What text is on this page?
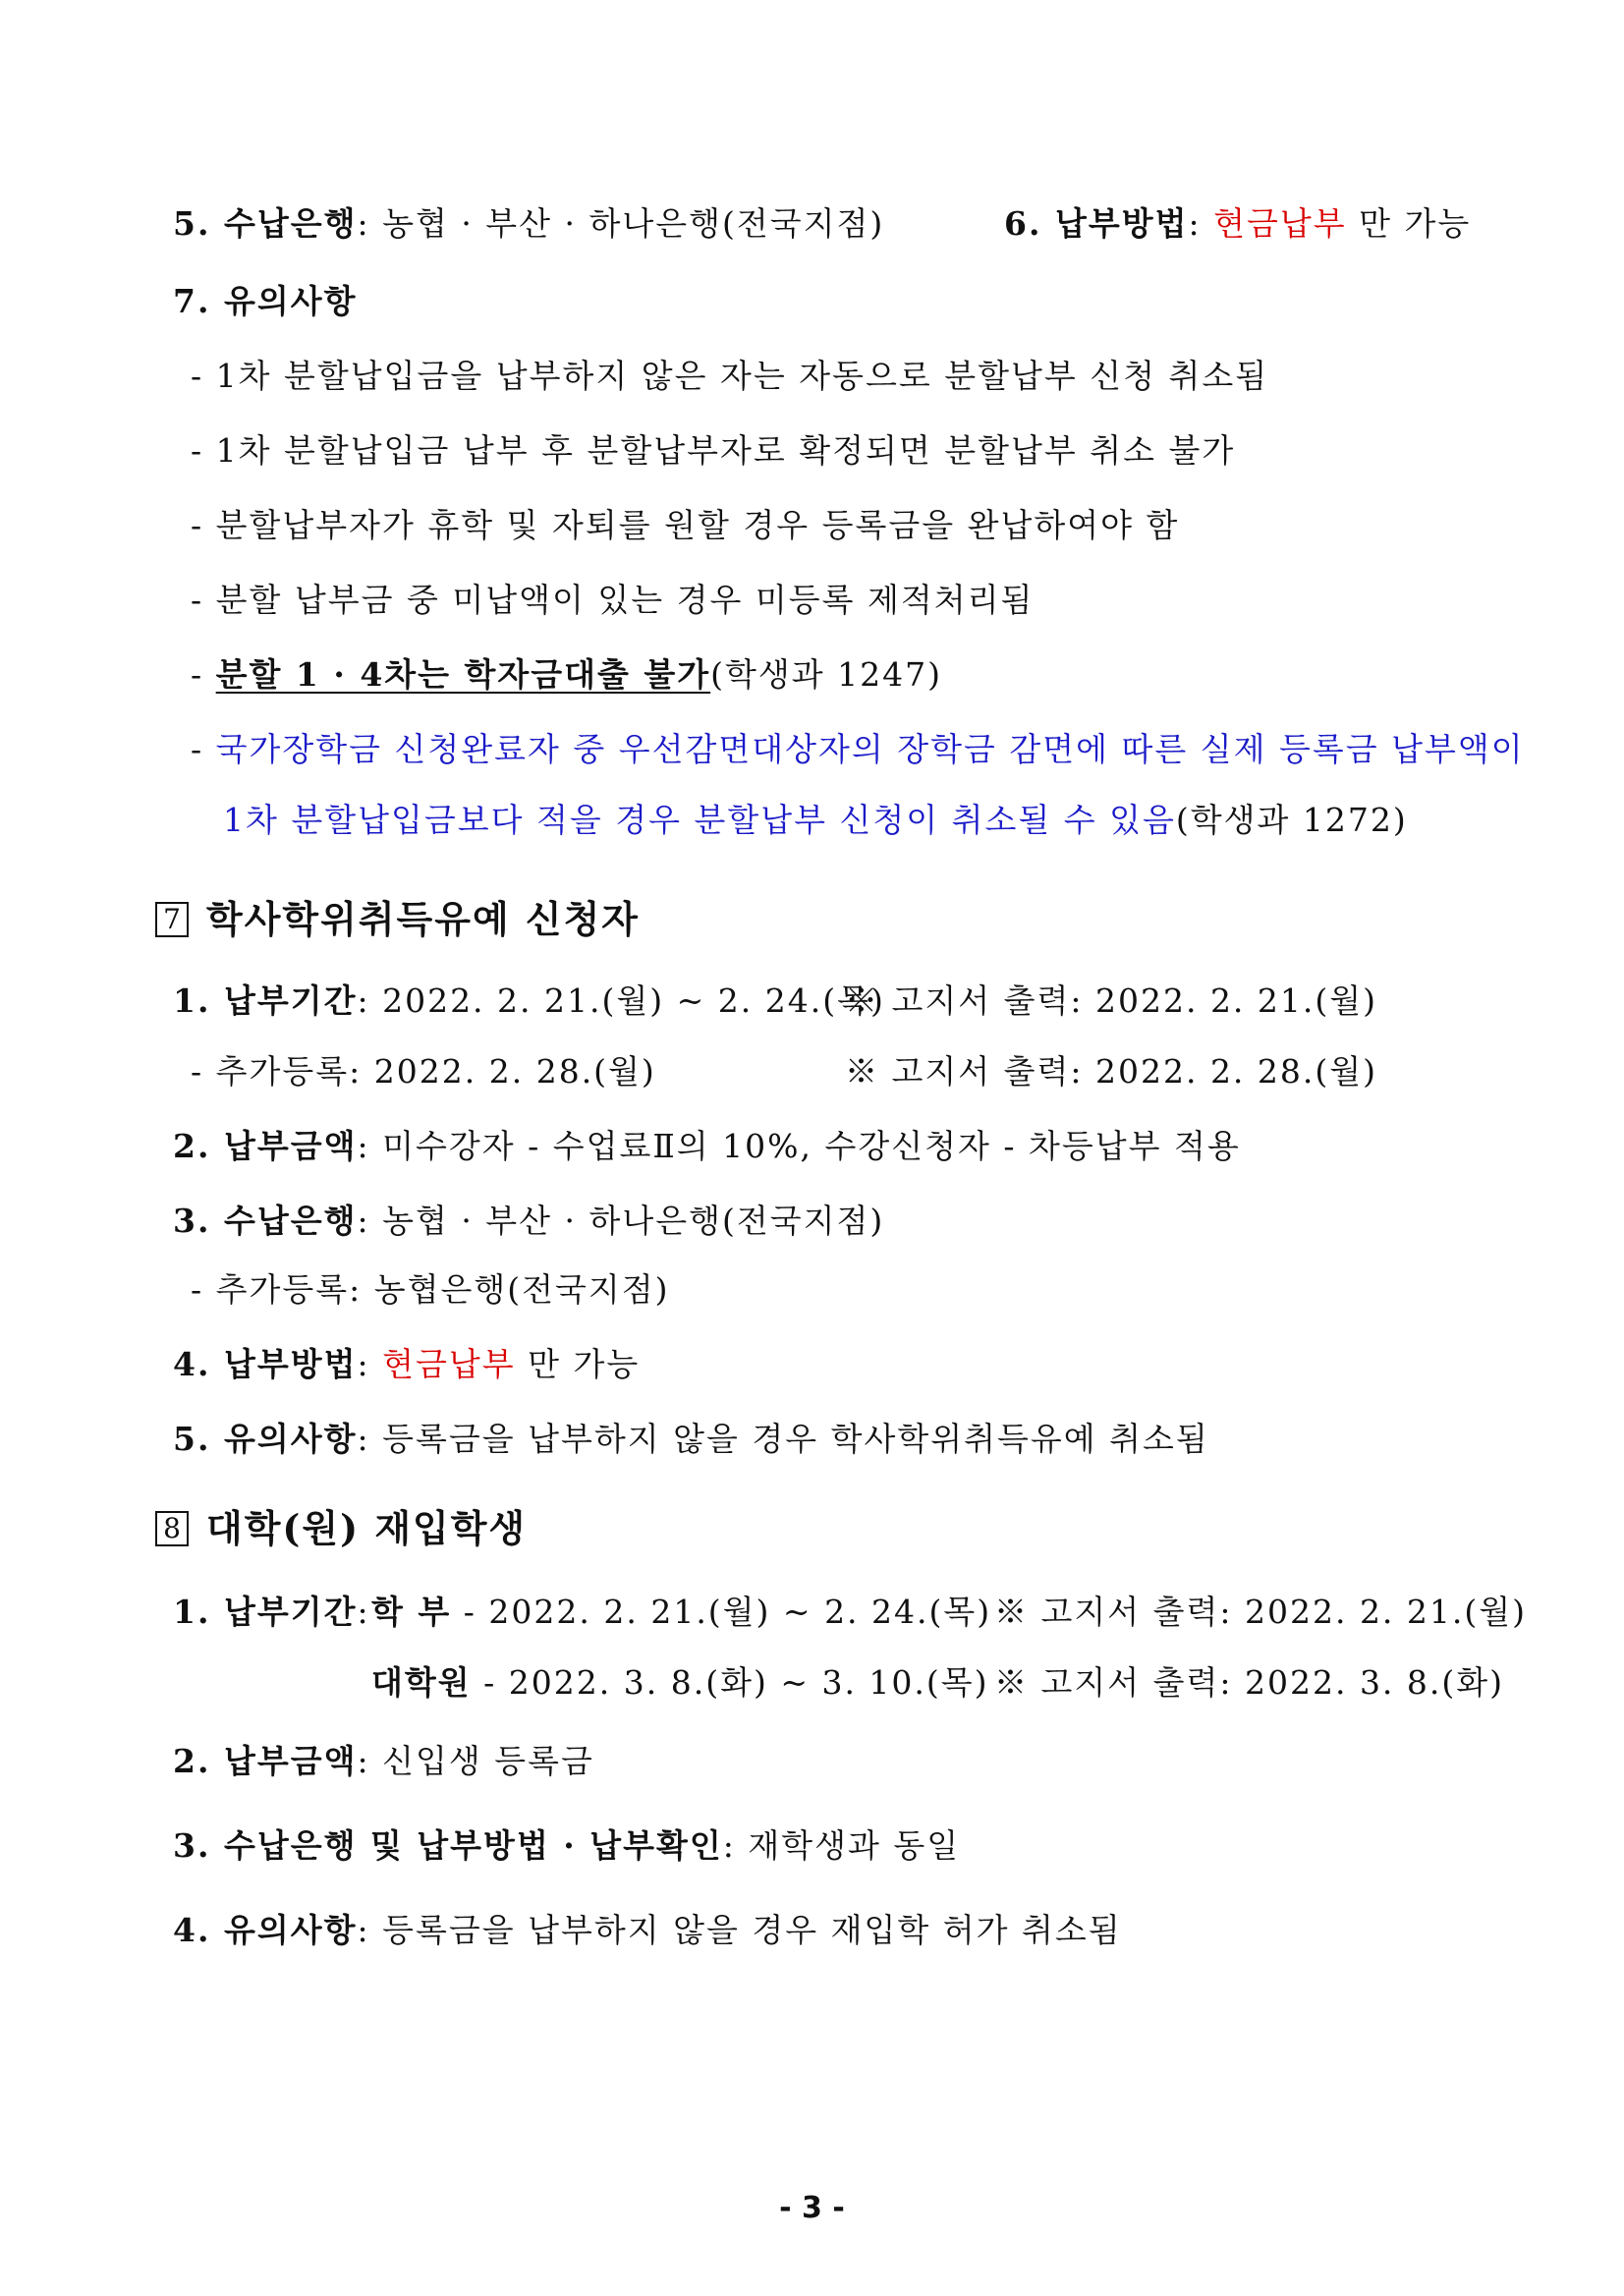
5. 수납은행: 농협 · 부산 · 하나은행(전국지점)	6. 납부방법: 현금납부 만 가능
7. 유의사항
- 1차 분할납입금을 납부하지 않은 자는 자동으로 분할납부 신청 취소됨
- 1차 분할납입금 납부 후 분할납부자로 확정되면 분할납부 취소 불가
- 분할납부자가 휴학 및 자퇴를 원할 경우 등록금을 완납하여야 함
- 분할 납부금 중 미납액이 있는 경우 미등록 제적처리됨
- 분할 1 · 4차는 학자금대출 불가(학생과 1247)
- 국가장학금 신청완료자 중 우선감면대상자의 장학금 감면에 따른 실제 등록금 납부액이
1차 분할납입금보다 적을 경우 분할납부 신청이 취소될 수 있음(학생과 1272)
7 학사학위취득유예 신청자
1. 납부기간: 2022. 2. 21.(월) ~ 2. 24.(목)
※ 고지서 출력: 2022. 2. 21.(월)
- 추가등록: 2022. 2. 28.(월)	※ 고지서 출력: 2022. 2. 28.(월)
2. 납부금액: 미수강자 - 수업료Ⅱ의 10%, 수강신청자 - 차등납부 적용
3. 수납은행: 농협 · 부산 · 하나은행(전국지점)
- 추가등록: 농협은행(전국지점)
4. 납부방법: 현금납부 만 가능
5. 유의사항: 등록금을 납부하지 않을 경우 학사학위취득유예 취소됨
8 대학(원) 재입학생
1. 납부기간: 학 부 - 2022. 2. 21.(월) ~ 2. 24.(목) ※ 고지서 출력: 2022. 2. 21.(월)
대학원 - 2022. 3. 8.(화) ~ 3. 10.(목) ※ 고지서 출력: 2022. 3. 8.(화)
2. 납부금액: 신입생 등록금
3. 수납은행 및 납부방법 · 납부확인: 재학생과 동일
4. 유의사항: 등록금을 납부하지 않을 경우 재입학 허가 취소됨
- 3 -
